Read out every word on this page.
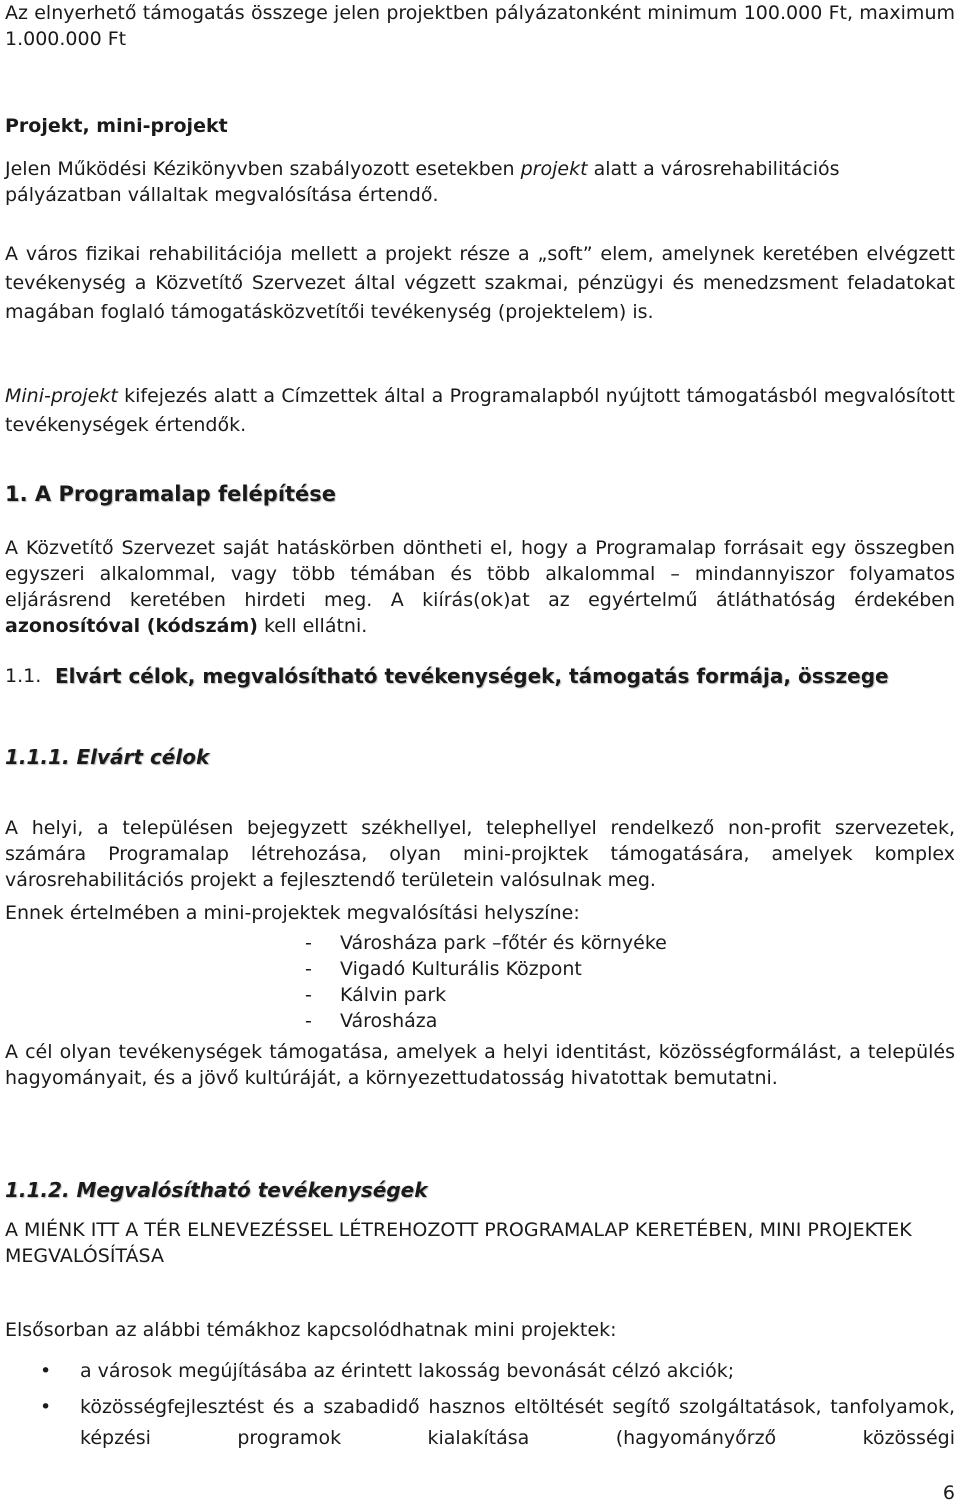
Az elnyerhető támogatás összege jelen projektben pályázatonként minimum 100.000 Ft, maximum 1.000.000 Ft

Projekt, mini-projekt

Jelen Működési Kézikönyvben szabályozott esetekben projekt alatt a városrehabilitációs pályázatban vállaltak megvalósítása értendő.

A város fizikai rehabilitációja mellett a projekt része a „soft” elem, amelynek keretében elvégzett tevékenység a Közvetítő Szervezet által végzett szakmai, pénzügyi és menedzsment feladatokat magában foglaló támogatásközvetítői tevékenység (projektelem) is.

Mini-projekt kifejezés alatt a Címzettek által a Programalapból nyújtott támogatásból megvalósított tevékenységek értendők.

1. A Programalap felépítése

A Közvetítő Szervezet saját hatáskörben döntheti el, hogy a Programalap forrásait egy összegben egyszeri alkalommal, vagy több témában és több alkalommal – mindannyiszor folyamatos eljárásrend keretében hirdeti meg. A kiírás(ok)at az egyértelmű átláthatóság érdekében azonosítóval (kódszám) kell ellátni.

1.1. Elvárt célok, megvalósítható tevékenységek, támogatás formája, összege

1.1.1. Elvárt célok

A helyi, a településen bejegyzett székhellyel, telephellyel rendelkező non-profit szervezetek, számára Programalap létrehozása, olyan mini-projktek támogatására, amelyek komplex városrehabilitációs projekt a fejlesztendő területein valósulnak meg.

Ennek értelmében a mini-projektek megvalósítási helyszíne:

- Városháza park –főtér és környéke
- Vigadó Kulturális Központ
- Kálvin park
- Városháza

A cél olyan tevékenységek támogatása, amelyek a helyi identitást, közösségformálást, a település hagyományait, és a jövő kultúráját, a környezettudatosság hivatottak bemutatni.

1.1.2. Megvalósítható tevékenységek

A MIÉNK ITT A TÉR ELNEVEZÉSSEL LÉTREHOZOTT PROGRAMALAP KERETÉBEN, MINI PROJEKTEK MEGVALÓSÍTÁSA

Elsősorban az alábbi témákhoz kapcsolódhatnak mini projektek:

• a városok megújításába az érintett lakosság bevonását célzó akciók;
• közösségfejlesztést és a szabadidő hasznos eltöltését segítő szolgáltatások, tanfolyamok, képzési programok kialakítása (hagyományőrző közösségi
6
